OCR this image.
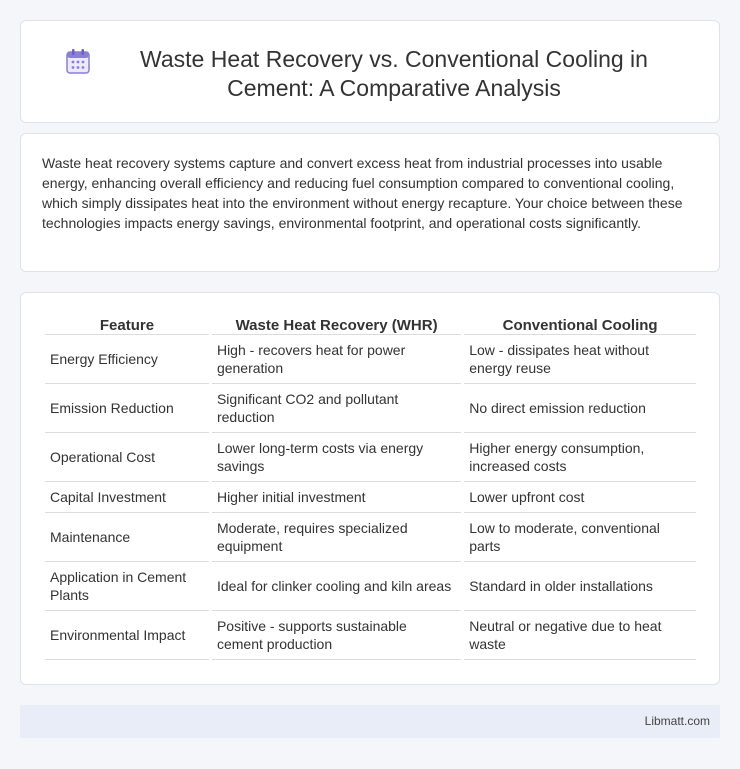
Waste Heat Recovery vs. Conventional Cooling in Cement: A Comparative Analysis

Waste heat recovery systems capture and convert excess heat from industrial processes into usable energy, enhancing overall efficiency and reducing fuel consumption compared to conventional cooling, which simply dissipates heat into the environment without energy recapture. Your choice between these technologies impacts energy savings, environmental footprint, and operational costs significantly.

Feature	Waste Heat Recovery (WHR)	Conventional Cooling
Energy Efficiency	High - recovers heat for power generation	Low - dissipates heat without energy reuse
Emission Reduction	Significant CO2 and pollutant reduction	No direct emission reduction
Operational Cost	Lower long-term costs via energy savings	Higher energy consumption, increased costs
Capital Investment	Higher initial investment	Lower upfront cost
Maintenance	Moderate, requires specialized equipment	Low to moderate, conventional parts
Application in Cement Plants	Ideal for clinker cooling and kiln areas	Standard in older installations
Environmental Impact	Positive - supports sustainable cement production	Neutral or negative due to heat waste
Libmatt.com
